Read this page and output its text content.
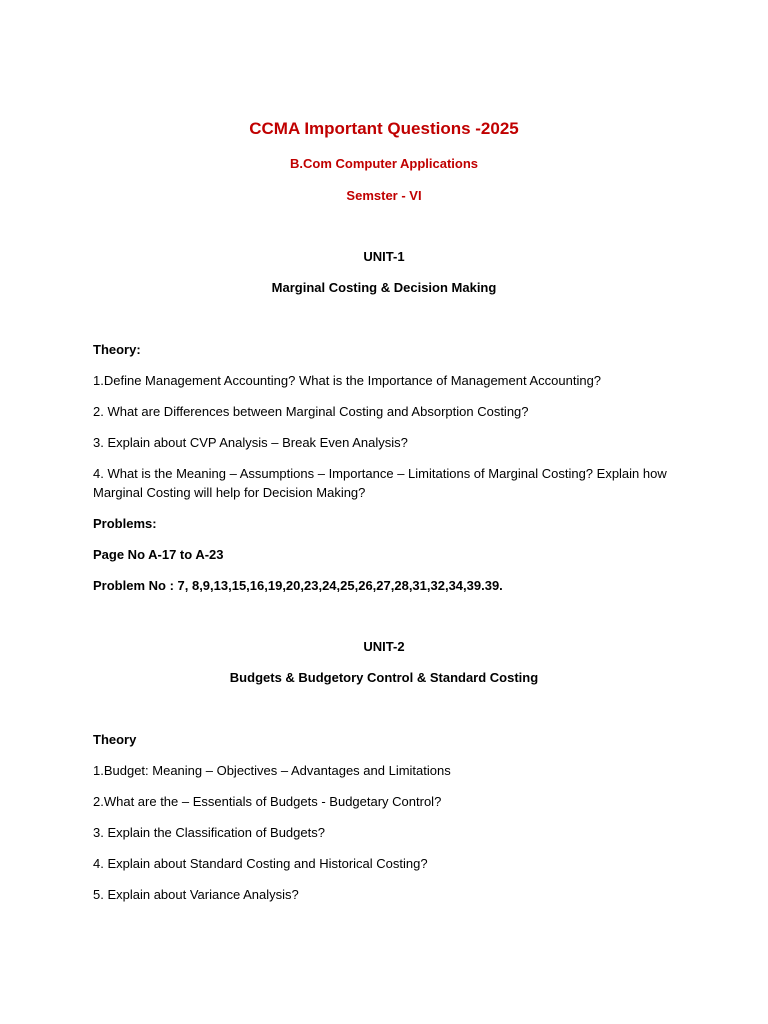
CCMA Important Questions -2025
B.Com Computer Applications
Semster - VI
UNIT-1
Marginal Costing & Decision Making
Theory:
1.Define Management Accounting? What is the Importance of Management Accounting?
2. What are Differences between Marginal Costing and Absorption Costing?
3. Explain about CVP Analysis – Break Even Analysis?
4. What is the Meaning – Assumptions – Importance – Limitations of Marginal Costing? Explain how Marginal Costing will help for Decision Making?
Problems:
Page No A-17 to A-23
Problem No : 7, 8,9,13,15,16,19,20,23,24,25,26,27,28,31,32,34,39.39.
UNIT-2
Budgets & Budgetory Control & Standard Costing
Theory
1.Budget: Meaning – Objectives – Advantages and Limitations
2.What are the – Essentials of Budgets - Budgetary Control?
3. Explain the Classification of Budgets?
4. Explain about Standard Costing and Historical Costing?
5. Explain about Variance Analysis?
